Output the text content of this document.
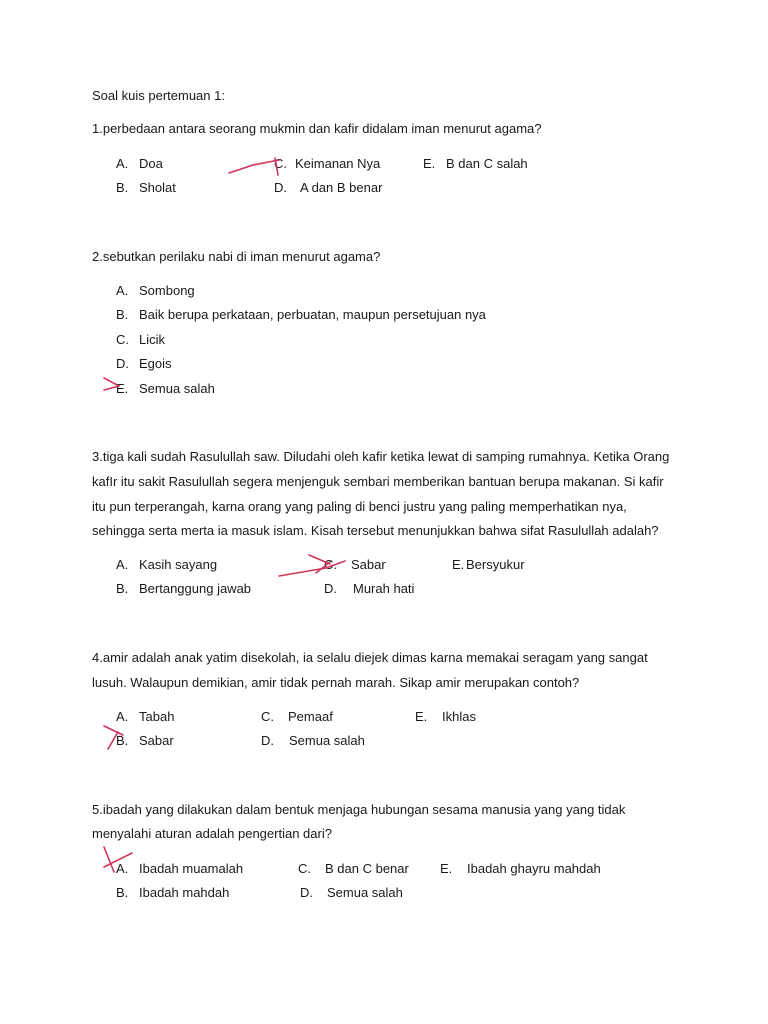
Soal kuis pertemuan 1:
1.perbedaan antara seorang mukmin dan kafir didalam iman menurut agama?
A. Doa
B. Sholat
C. Keimanan Nya
D. A dan B benar
E. B dan C salah
2.sebutkan perilaku nabi di iman menurut agama?
A. Sombong
B. Baik berupa perkataan, perbuatan, maupun persetujuan nya
C. Licik
D. Egois
E. Semua salah
3.tiga kali sudah Rasulullah saw. Diludahi oleh kafir ketika lewat di samping rumahnya. Ketika Orang
kafIr itu sakit Rasulullah segera menjenguk sembari memberikan bantuan berupa makanan. Si kafir
itu pun terperangah, karna orang yang paling di benci justru yang paling memperhatikan nya,
sehingga serta merta ia masuk islam. Kisah tersebut menunjukkan bahwa sifat Rasulullah adalah?
A. Kasih sayang
B. Bertanggung jawab
C. Sabar
D. Murah hati
E. Bersyukur
4.amir adalah anak yatim disekolah, ia selalu diejek dimas karna memakai seragam yang sangat
lusuh. Walaupun demikian, amir tidak pernah marah. Sikap amir merupakan contoh?
A. Tabah
B. Sabar
C. Pemaaf
D. Semua salah
E. Ikhlas
5.ibadah yang dilakukan dalam bentuk menjaga hubungan sesama manusia yang yang tidak
menyalahi aturan adalah pengertian dari?
A. Ibadah muamalah
B. Ibadah mahdah
C. B dan C benar
D. Semua salah
E. Ibadah ghayru mahdah
